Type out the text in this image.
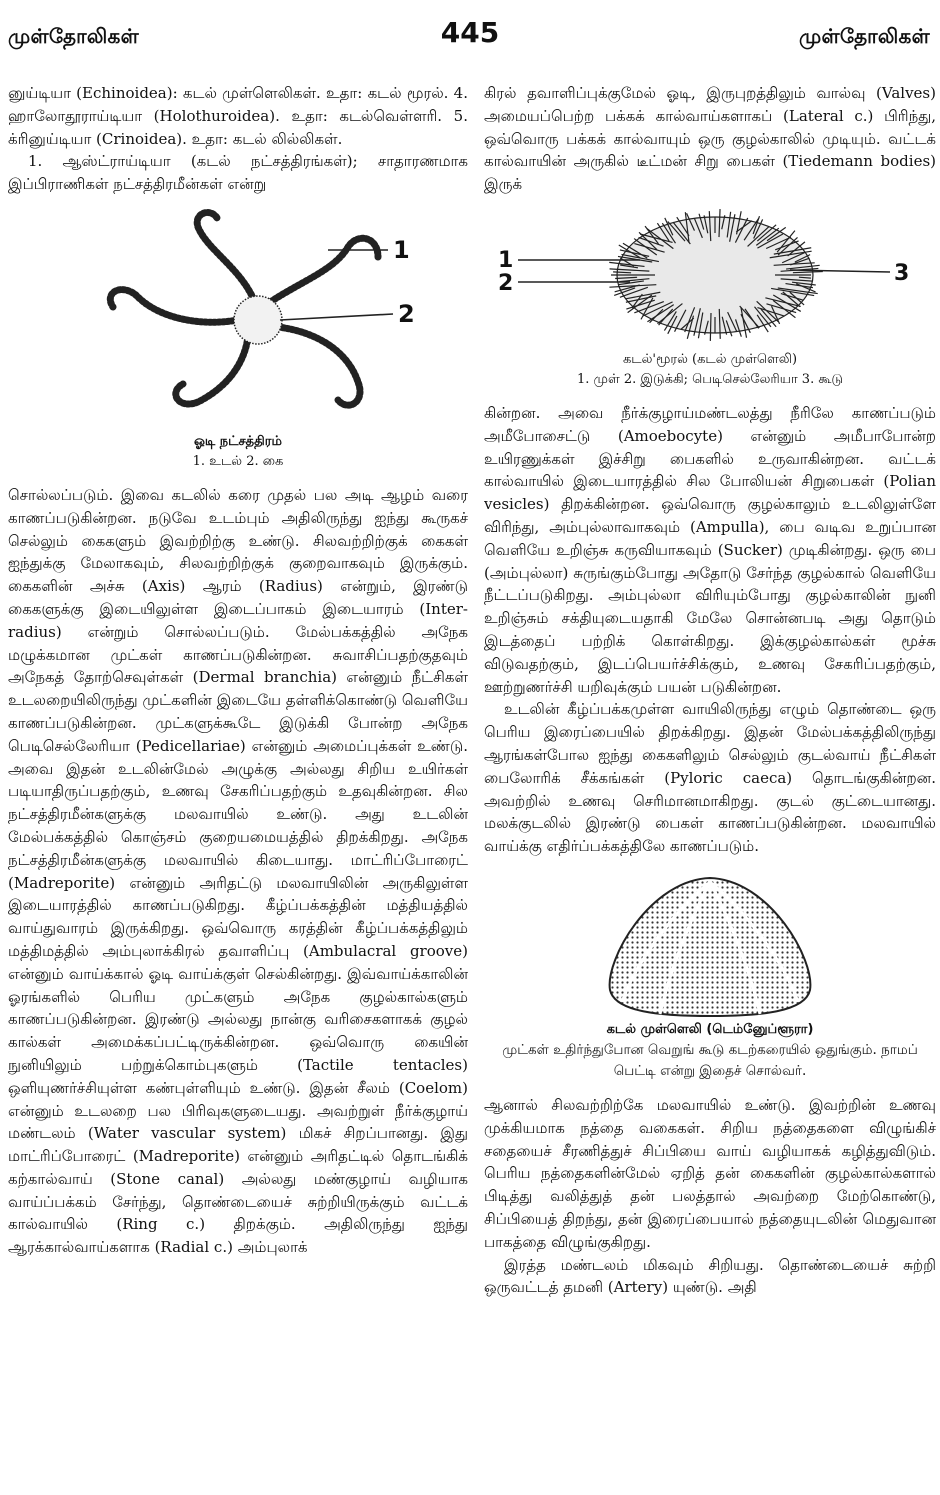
முள்தோலிகள்	445	முள்தோலிகள்

னுய்டியா (Echinoidea): கடல் முள்ளெலிகள். உதா: கடல் மூரல். 4. ஹாலோதூராய்டியா (Holothuroidea). உதா: கடல்வெள்ளரி. 5. க்ரினுய்டியா (Crinoidea). உதா: கடல் லில்லிகள்.

1. ஆஸ்ட்ராய்டியா (கடல் நட்சத்திரங்கள்); சாதாரணமாக இப்பிராணிகள் நட்சத்திரமீன்கள் என்று

1
2

ஓடி நட்சத்திரம்

1. உடல் 2. கை

சொல்லப்படும். இவை கடலில் கரை முதல் பல அடி ஆழம் வரை காணப்படுகின்றன. நடுவே உடம்பும் அதிலிருந்து ஐந்து கூருகச் செல்லும் கைகளும் இவற்றிற்கு உண்டு. சிலவற்றிற்குக் கைகள் ஐந்துக்கு மேலாகவும், சிலவற்றிற்குக் குறைவாகவும் இருக்கும். கைகளின் அச்சு (Axis) ஆரம் (Radius) என்றும், இரண்டு கைகளுக்கு இடையிலுள்ள இடைப்பாகம் இடையாரம் (Inter-radius) என்றும் சொல்லப்படும். மேல்பக்கத்தில் அநேக மழுக்கமான முட்கள் காணப்படுகின்றன. சுவாசிப்பதற்குதவும் அநேகத் தோற்செவுள்கள் (Dermal branchia) என்னும் நீட்சிகள் உடலறையிலிருந்து முட்களின் இடையே தள்ளிக்கொண்டு வெளியே காணப்படுகின்றன. முட்களுக்கூடே இடுக்கி போன்ற அநேக பெடிசெல்லேரியா (Pedicellariae) என்னும் அமைப்புக்கள் உண்டு. அவை இதன் உடலின்மேல் அழுக்கு அல்லது சிறிய உயிர்கள் படியாதிருப்பதற்கும், உணவு சேகரிப்பதற்கும் உதவுகின்றன. சில நட்சத்திரமீன்களுக்கு மலவாயில் உண்டு. அது உடலின் மேல்பக்கத்தில் கொஞ்சம் குறையமையத்தில் திறக்கிறது. அநேக நட்சத்திரமீன்களுக்கு மலவாயில் கிடையாது. மாட்ரிப்போரைட் (Madreporite) என்னும் அரிதட்டு மலவாயிலின் அருகிலுள்ள இடையாரத்தில் காணப்படுகிறது. கீழ்ப்பக்கத்தின் மத்தியத்தில் வாய்துவாரம் இருக்கிறது. ஒவ்வொரு கரத்தின் கீழ்ப்பக்கத்திலும் மத்திமத்தில் அம்புலாக்கிரல் தவாளிப்பு (Ambulacral groove) என்னும் வாய்க்கால் ஓடி வாய்க்குள் செல்கின்றது. இவ்வாய்க்காலின் ஓரங்களில் பெரிய முட்களும் அநேக குழல்கால்களும் காணப்படுகின்றன. இரண்டு அல்லது நான்கு வரிசைகளாகக் குழல் கால்கள் அமைக்கப்பட்டிருக்கின்றன. ஒவ்வொரு கையின் நுனியிலும் பற்றுக்கொம்புகளும் (Tactile tentacles) ஒளியுணர்ச்சியுள்ள கண்புள்ளியும் உண்டு. இதன் சீலம் (Coelom) என்னும் உடலறை பல பிரிவுகளுடையது. அவற்றுள் நீர்க்குழாய் மண்டலம் (Water vascular system) மிகச் சிறப்பானது. இது மாட்ரிப்போரைட் (Madreporite) என்னும் அரிதட்டில் தொடங்கிக் கற்கால்வாய் (Stone canal) அல்லது மண்குழாய் வழியாக வாய்ப்பக்கம் சேர்ந்து, தொண்டையைச் சுற்றியிருக்கும் வட்டக் கால்வாயில் (Ring c.) திறக்கும். அதிலிருந்து ஐந்து ஆரக்கால்வாய்களாக (Radial c.) அம்புலாக்

கிரல் தவாளிப்புக்குமேல் ஓடி, இருபுறத்திலும் வால்வு (Valves) அமையப்பெற்ற பக்கக் கால்வாய்களாகப் (Lateral c.) பிரிந்து, ஒவ்வொரு பக்கக் கால்வாயும் ஒரு குழல்காலில் முடியும். வட்டக் கால்வாயின் அருகில் டீட்மன் சிறு பைகள் (Tiedemann bodies) இருக்

1
2	3

கடல்'மூரல் (கடல் முள்ளெலி)

1. முள் 2. இடுக்கி; பெடிசெல்லேரியா 3. கூடு

கின்றன. அவை நீர்க்குழாய்மண்டலத்து நீரிலே காணப்படும் அமீபோசைட்டு (Amoebocyte) என்னும் அமீபாபோன்ற உயிரணுக்கள் இச்சிறு பைகளில் உருவாகின்றன. வட்டக் கால்வாயில் இடையாரத்தில் சில போலியன் சிறுபைகள் (Polian vesicles) திறக்கின்றன. ஒவ்வொரு குழல்காலும் உடலிலுள்ளே விரிந்து, அம்புல்லாவாகவும் (Ampulla), பை வடிவ உறுப்பான வெளியே உறிஞ்சு கருவியாகவும் (Sucker) முடிகின்றது. ஒரு பை (அம்புல்லா) சுருங்கும்போது அதோடு சேர்ந்த குழல்கால் வெளியே நீட்டப்படுகிறது. அம்புல்லா விரியும்போது குழல்காலின் நுனி உறிஞ்சும் சக்தியுடையதாகி மேலே சொன்னபடி அது தொடும் இடத்தைப் பற்றிக் கொள்கிறது. இக்குழல்கால்கள் மூச்சு விடுவதற்கும், இடப்பெயர்ச்சிக்கும், உணவு சேகரிப்பதற்கும், ஊற்றுணர்ச்சி யறிவுக்கும் பயன் படுகின்றன.

உடலின் கீழ்ப்பக்கமுள்ள வாயிலிருந்து எழும் தொண்டை ஒரு பெரிய இரைப்பையில் திறக்கிறது. இதன் மேல்பக்கத்திலிருந்து ஆரங்கள்போல ஐந்து கைகளிலும் செல்லும் குடல்வாய் நீட்சிகள் பைலோரிக் சீக்கங்கள் (Pyloric caeca) தொடங்குகின்றன. அவற்றில் உணவு செரிமானமாகிறது. குடல் குட்டையானது. மலக்குடலில் இரண்டு பைகள் காணப்படுகின்றன. மலவாயில் வாய்க்கு எதிர்ப்பக்கத்திலே காணப்படும்.

கடல் முள்ளெலி (டெம்னுேப்ளூரா)

முட்கள் உதிர்ந்துபோன வெறுங் கூடு கடற்கரையில் ஒதுங்கும். நாமப் பெட்டி என்று இதைச் சொல்வர்.

ஆனால் சிலவற்றிற்கே மலவாயில் உண்டு. இவற்றின் உணவு முக்கியமாக நத்தை வகைகள். சிறிய நத்தைகளை விழுங்கிச் சதையைச் சீரணித்துச் சிப்பியை வாய் வழியாகக் கழித்துவிடும். பெரிய நத்தைகளின்மேல் ஏறித் தன் கைகளின் குழல்கால்களால் பிடித்து வலித்துத் தன் பலத்தால் அவற்றை மேற்கொண்டு, சிப்பியைத் திறந்து, தன் இரைப்பையால் நத்தையுடலின் மெதுவான பாகத்தை விழுங்குகிறது.

இரத்த மண்டலம் மிகவும் சிறியது. தொண்டையைச் சுற்றி ஒருவட்டத் தமனி (Artery) யுண்டு. அதி
